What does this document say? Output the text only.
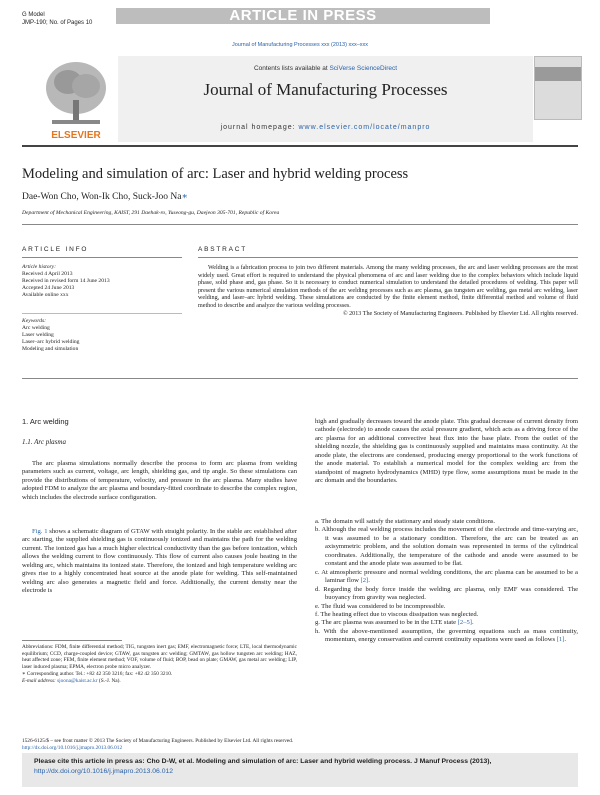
G Model
JMP-190; No. of Pages 10	ARTICLE IN PRESS
Journal of Manufacturing Processes xxx (2013) xxx–xxx
ELSEVIER
Contents lists available at SciVerse ScienceDirect
Journal of Manufacturing Processes
journal homepage: www.elsevier.com/locate/manpro
Modeling and simulation of arc: Laser and hybrid welding process
Dae-Won Cho, Won-Ik Cho, Suck-Joo Na∗
Department of Mechanical Engineering, KAIST, 291 Daehak-ro, Yuseong-gu, Daejeon 305-701, Republic of Korea
ARTICLE INFO
Article history:
Received 4 April 2013
Received in revised form 14 June 2013
Accepted 24 June 2013
Available online xxx
Keywords:
Arc welding
Laser welding
Laser–arc hybrid welding
Modeling and simulation
ABSTRACT
Welding is a fabrication process to join two different materials. Among the many welding processes, the arc and laser welding processes are the most widely used. Great effort is required to understand the physical phenomena of arc and laser welding due to the complex behaviors which include liquid phase, solid phase and, gas phase. So it is necessary to conduct numerical simulation to understand the detailed procedures of welding. This paper will present the various numerical simulation methods of the arc welding processes such as arc plasma, gas tungsten arc welding, gas metal arc welding, laser welding, and laser–arc hybrid welding. These simulations are conducted by the finite element method, finite differential method and volume of fluid method to describe and analyze the various welding processes.
© 2013 The Society of Manufacturing Engineers. Published by Elsevier Ltd. All rights reserved.
1. Arc welding
1.1. Arc plasma
The arc plasma simulations normally describe the process to form arc plasma from welding parameters such as current, voltage, arc length, shielding gas, and tip angle. So these simulations can provide the distributions of temperature, velocity, and pressure in the arc plasma. Many studies have adopted FDM to analyze the arc plasma and boundary-fitted coordinate to describe the complex region, which includes the electrode surface configuration.
Fig. 1 shows a schematic diagram of GTAW with straight polarity. In the stable arc established after arc starting, the supplied shielding gas is continuously ionized and maintains the path for the welding current. The ionized gas has a much higher electrical conductivity than the gas before ionization, which allows the welding current to flow continuously. This flow of current also causes joule heating in the welding arc, which maintains its ionized state. Therefore, the ionized and high temperature welding arc gives rise to a highly concentrated heat source at the anode plate for welding. This self-maintained welding arc also generates a magnetic field and force. Additionally, the current density near the electrode is
high and gradually decreases toward the anode plate. This gradual decrease of current density from cathode (electrode) to anode causes the axial pressure gradient, which acts as a driving force of the arc plasma for an additional convective heat flux into the base plate. From the outlet of the shielding nozzle, the shielding gas is continuously supplied and maintains mass continuity. At the anode plate, the electrons are condensed, producing energy proportional to the work functions of the anode material. To establish a numerical model for the complex welding arc from the standpoint of magneto hydrodynamics (MHD) type flow, some assumptions must be made in the arc domain and the boundaries.
a. The domain will satisfy the stationary and steady state conditions.
b. Although the real welding process includes the movement of the electrode and time-varying arc, it was assumed to be a stationary condition. Therefore, the arc can be treated as an axisymmetric problem, and the solution domain was represented in terms of the cylindrical coordinates. Additionally, the temperature of the cathode and anode were assumed to be constant and the anode plate was assumed to be flat.
c. At atmospheric pressure and normal welding conditions, the arc plasma can be assumed to be a laminar flow [2].
d. Regarding the body force inside the welding arc plasma, only EMF was considered. The buoyancy from gravity was neglected.
e. The fluid was considered to be incompressible.
f. The heating effect due to viscous dissipation was neglected.
g. The arc plasma was assumed to be in the LTE state [2–5].
h. With the above-mentioned assumption, the governing equations such as mass continuity, momentum, energy conservation and current continuity equations were used as follows [1].
Abbreviations: FDM, finite differential method; TIG, tungsten inert gas; EMF, electromagnetic force; LTE, local thermodynamic equilibrium; CCD, charge-coupled device; GTAW, gas tungsten arc welding; GMTAW, gas hollow tungsten arc welding; HAZ, heat affected zone; FEM, finite element method; VOF, volume of fluid; BOP, bead on plate; GMAW, gas metal arc welding; LIP, laser induced plasma; EPMA, electron probe micro analyzer.
∗ Corresponding author. Tel.: +82 42 350 3216; fax: +82 42 350 3210.
E-mail address: sjoona@kaist.ac.kr (S.-J. Na).
1526-6125/$ – see front matter © 2013 The Society of Manufacturing Engineers. Published by Elsevier Ltd. All rights reserved.
http://dx.doi.org/10.1016/j.jmapro.2013.06.012
Please cite this article in press as: Cho D-W, et al. Modeling and simulation of arc: Laser and hybrid welding process. J Manuf Process (2013), http://dx.doi.org/10.1016/j.jmapro.2013.06.012
